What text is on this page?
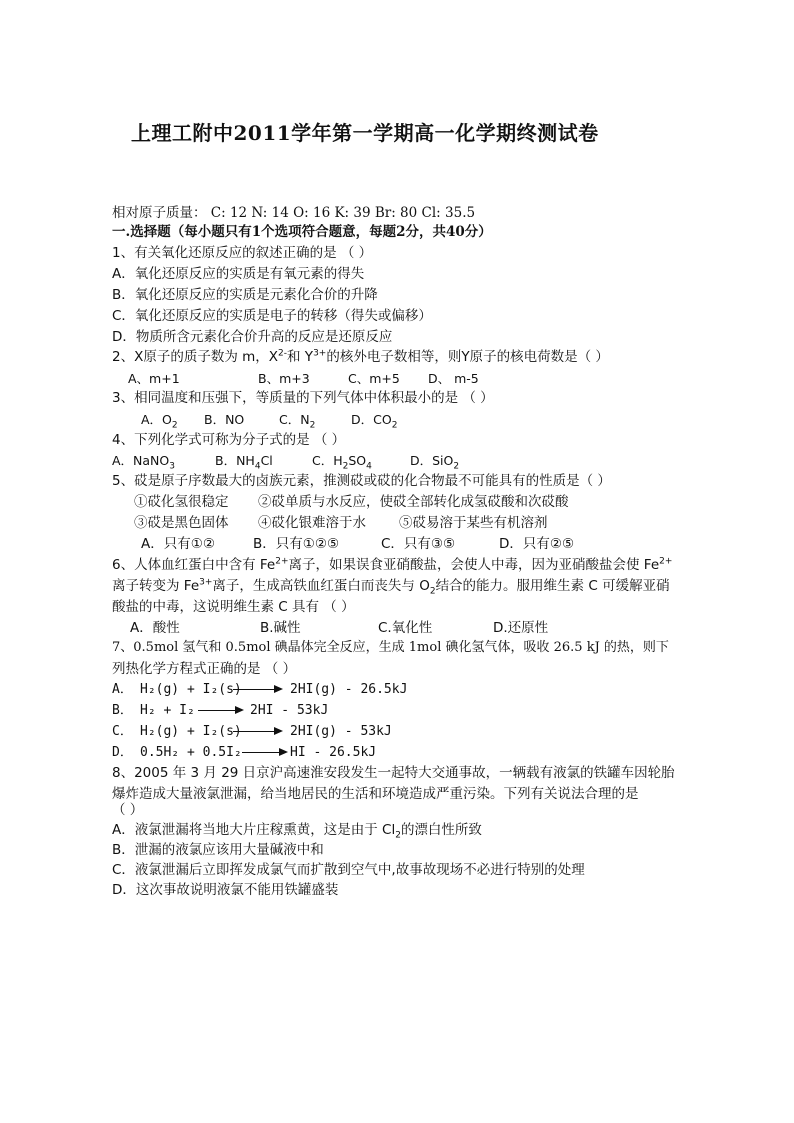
上理工附中2011学年第一学期高一化学期终测试卷
相对原子质量： C: 12 N: 14 O: 16 K: 39 Br: 80 Cl: 35.5
一.选择题（每小题只有1个选项符合题意，每题2分，共40分）
1、有关氧化还原反应的叙述正确的是 （ ）
A．氧化还原反应的实质是有氧元素的得失
B．氧化还原反应的实质是元素化合价的升降
C．氧化还原反应的实质是电子的转移（得失或偏移）
D．物质所含元素化合价升高的反应是还原反应
2、X原子的质子数为 m，$X^{2-}$和 $Y^{3+}$的核外电子数相等，则Y原子的核电荷数是（ ）
A、m+1	B、m+3	C、m+5 D、 m-5
3、相同温度和压强下，等质量的下列气体中体积最小的是 （ ）
A．$O_2$ B．NO	C．$N_2$	D．$CO_2$
4、下列化学式可称为分子式的是 （ ）
A．NaNO$_3$	B．$NH_4Cl$	C．$H_2SO_4$	D．SiO$_2$
5、砹是原子序数最大的卤族元素，推测砹或砹的化合物最不可能具有的性质是（ ）
①砹化氢很稳定 ②砹单质与水反应，使砹全部转化成氢砹酸和次砹酸
③砹是黑色固体 ④砹化银难溶于水 ⑤砹易溶于某些有机溶剂
A．只有①②	B．只有①②⑤	C．只有③⑤	D．只有②⑤
6、人体血红蛋白中含有 $Fe^{2+}$离子，如果误食亚硝酸盐，会使人中毒，因为亚硝酸盐会使 $Fe^{2+}$
离子转变为 $Fe^{3+}$离子，生成高铁血红蛋白而丧失与 $O_2$结合的能力。服用维生素 C 可缓解亚硝
酸盐的中毒，这说明维生素 C 具有 （ ）
A．酸性	B.碱性	C.氧化性	D.还原性
7、0.5mol 氢气和 0.5mol 碘晶体完全反应，生成 1mol 碘化氢气体，吸收 26.5 kJ 的热，则下
列热化学方程式正确的是 （ ）
A． H₂(g) + I₂(s)	2HI(g) - 26.5kJ
B． H₂ + I₂	2HI - 53kJ
C． H₂(g) + I₂(s)	2HI(g) - 53kJ
D． 0.5H₂ + 0.5I₂	HI - 26.5kJ
8、2005 年 3 月 29 日京沪高速淮安段发生一起特大交通事故，一辆载有液氯的铁罐车因轮胎
爆炸造成大量液氯泄漏，给当地居民的生活和环境造成严重污染。下列有关说法合理的是
（ ）
A．液氯泄漏将当地大片庄稼熏黄，这是由于 $Cl_2$的漂白性所致
B．泄漏的液氯应该用大量碱液中和
C．液氯泄漏后立即挥发成氯气而扩散到空气中,故事故现场不必进行特别的处理
D．这次事故说明液氯不能用铁罐盛装
